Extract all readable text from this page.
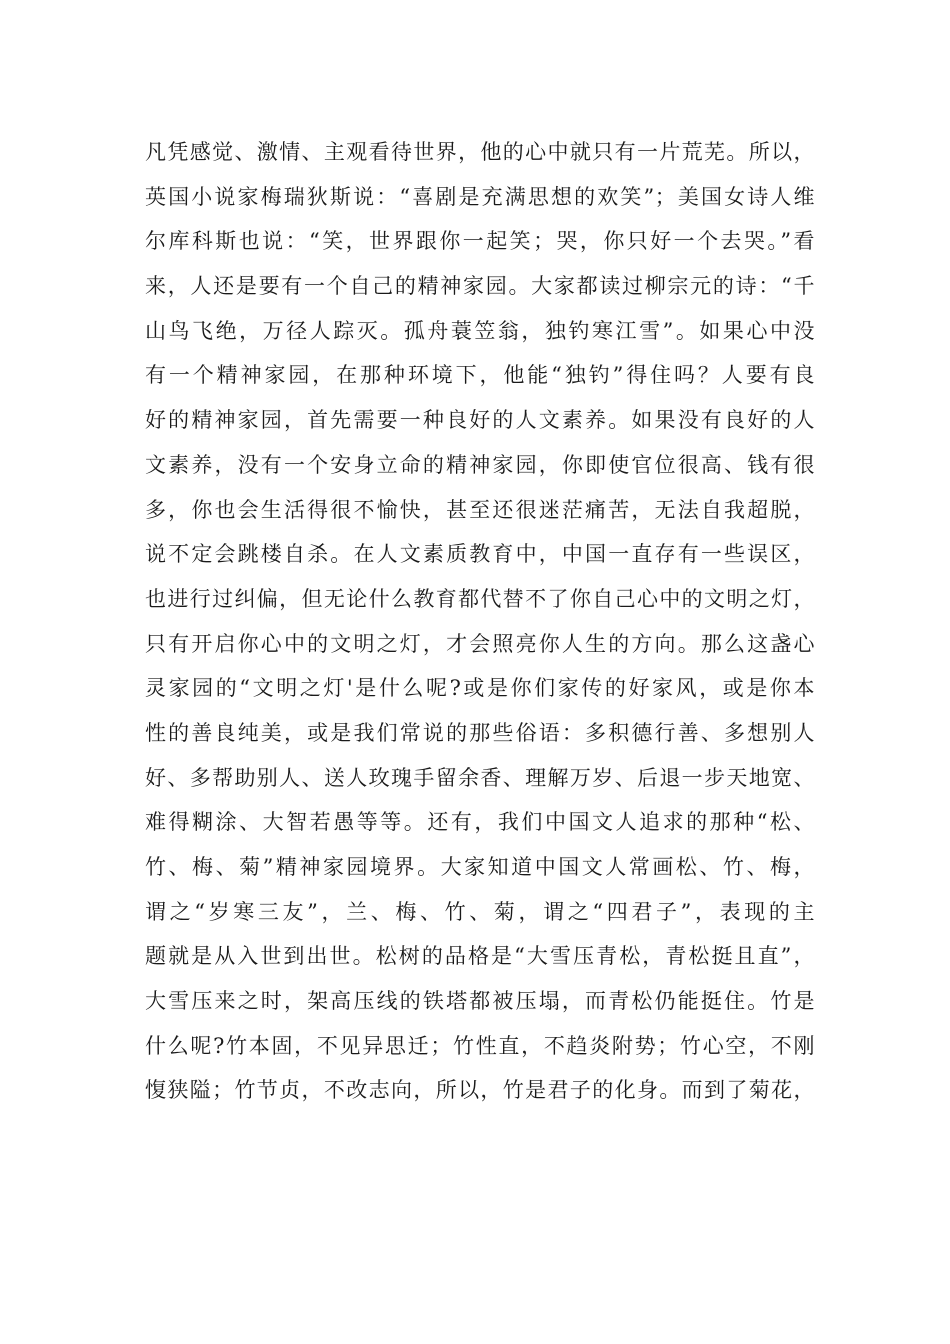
凡凭感觉、激情、主观看待世界，他的心中就只有一片荒芜。所以，
英国小说家梅瑞狄斯说：“喜剧是充满思想的欢笑”；美国女诗人维
尔库科斯也说：“笑，世界跟你一起笑；哭，你只好一个去哭。”看
来，人还是要有一个自己的精神家园。大家都读过柳宗元的诗：“千
山鸟飞绝，万径人踪灭。孤舟蓑笠翁，独钓寒江雪”。如果心中没
有一个精神家园，在那种环境下，他能“独钓”得住吗？人要有良
好的精神家园，首先需要一种良好的人文素养。如果没有良好的人
文素养，没有一个安身立命的精神家园，你即使官位很高、钱有很
多，你也会生活得很不愉快，甚至还很迷茫痛苦，无法自我超脱，
说不定会跳楼自杀。在人文素质教育中，中国一直存有一些误区，
也进行过纠偏，但无论什么教育都代替不了你自己心中的文明之灯，
只有开启你心中的文明之灯，才会照亮你人生的方向。那么这盏心
灵家园的“文明之灯'是什么呢?或是你们家传的好家风，或是你本
性的善良纯美，或是我们常说的那些俗语：多积德行善、多想别人
好、多帮助别人、送人玫瑰手留余香、理解万岁、后退一步天地宽、
难得糊涂、大智若愚等等。还有，我们中国文人追求的那种“松、
竹、梅、菊”精神家园境界。大家知道中国文人常画松、竹、梅，
谓之“岁寒三友”，兰、梅、竹、菊，谓之“四君子”，表现的主
题就是从入世到出世。松树的品格是“大雪压青松，青松挺且直”，
大雪压来之时，架高压线的铁塔都被压塌，而青松仍能挺住。竹是
什么呢?竹本固，不见异思迁；竹性直，不趋炎附势；竹心空，不刚
愎狭隘；竹节贞，不改志向，所以，竹是君子的化身。而到了菊花，
